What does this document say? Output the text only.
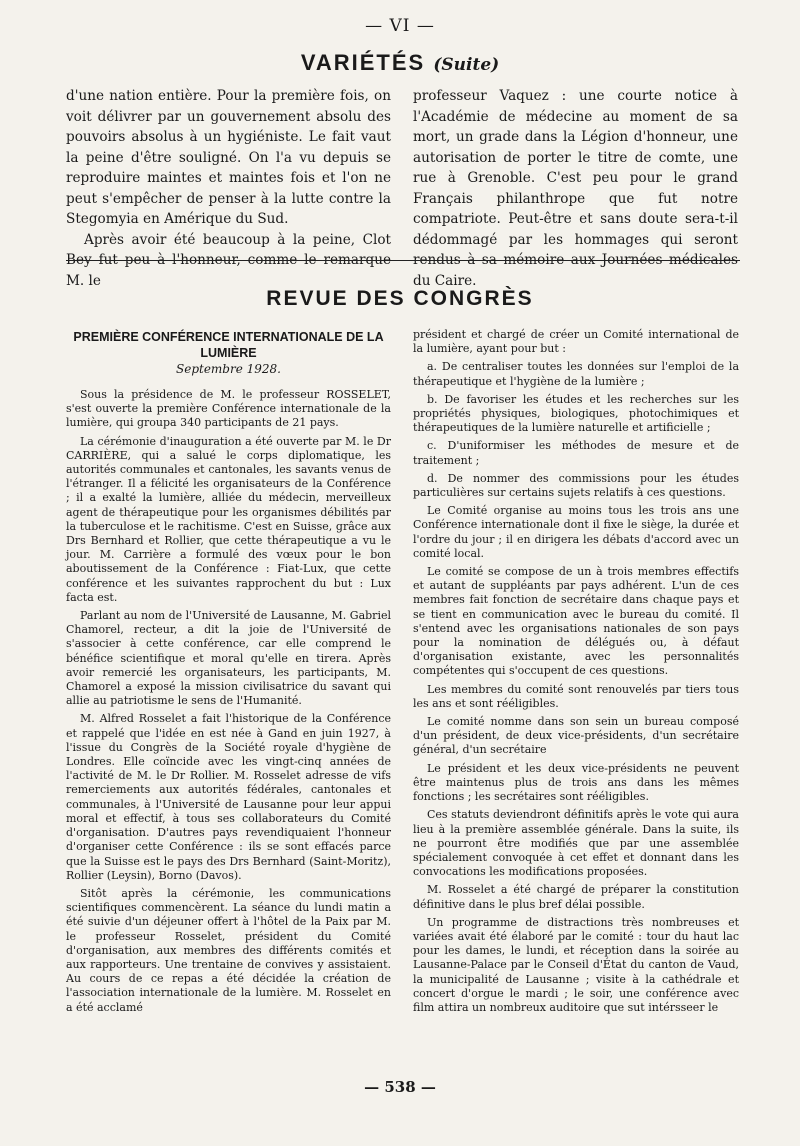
— VI —
VARIÉTÉS (Suite)

d'une nation entière. Pour la première fois, on voit délivrer par un gouvernement absolu des pouvoirs absolus à un hygiéniste. Le fait vaut la peine d'être souligné. On l'a vu depuis se reproduire maintes et maintes fois et l'on ne peut s'empêcher de penser à la lutte contre la Stegomyia en Amérique du Sud.

Après avoir été beaucoup à la peine, Clot Bey fut peu à l'honneur, comme le remarque M. le

professeur Vaquez : une courte notice à l'Académie de médecine au moment de sa mort, un grade dans la Légion d'honneur, une autorisation de porter le titre de comte, une rue à Grenoble. C'est peu pour le grand Français philanthrope que fut notre compatriote. Peut-être et sans doute sera-t-il dédommagé par les hommages qui seront rendus à sa mémoire aux Journées médicales du Caire.

REVUE DES CONGRÈS
PREMIÈRE CONFÉRENCE INTERNATIONALE DE LA LUMIÈRE
Septembre 1928.

Sous la présidence de M. le professeur ROSSELET, s'est ouverte la première Conférence internationale de la lumière, qui groupa 340 participants de 21 pays.

La cérémonie d'inauguration a été ouverte par M. le Dr CARRIÈRE, qui a salué le corps diplomatique, les autorités communales et cantonales, les savants venus de l'étranger. Il a félicité les organisateurs de la Conférence ; il a exalté la lumière, alliée du médecin, merveilleux agent de thérapeutique pour les organismes débilités par la tuberculose et le rachitisme. C'est en Suisse, grâce aux Drs Bernhard et Rollier, que cette thérapeutique a vu le jour. M. Carrière a formulé des vœux pour le bon aboutissement de la Conférence : Fiat-Lux, que cette conférence et les suivantes rapprochent du but : Lux facta est.

Parlant au nom de l'Université de Lausanne, M. Gabriel Chamorel, recteur, a dit la joie de l'Université de s'associer à cette conférence, car elle comprend le bénéfice scientifique et moral qu'elle en tirera. Après avoir remercié les organisateurs, les participants, M. Chamorel a exposé la mission civilisatrice du savant qui allie au patriotisme le sens de l'Humanité.

M. Alfred Rosselet a fait l'historique de la Conférence et rappelé que l'idée en est née à Gand en juin 1927, à l'issue du Congrès de la Société royale d'hygiène de Londres. Elle coïncide avec les vingt-cinq années de l'activité de M. le Dr Rollier. M. Rosselet adresse de vifs remerciements aux autorités fédérales, cantonales et communales, à l'Université de Lausanne pour leur appui moral et effectif, à tous ses collaborateurs du Comité d'organisation. D'autres pays revendiquaient l'honneur d'organiser cette Conférence : ils se sont effacés parce que la Suisse est le pays des Drs Bernhard (Saint-Moritz), Rollier (Leysin), Borno (Davos).

Sitôt après la cérémonie, les communications scientifiques commencèrent. La séance du lundi matin a été suivie d'un déjeuner offert à l'hôtel de la Paix par M. le professeur Rosselet, président du Comité d'organisation, aux membres des différents comités et aux rapporteurs. Une trentaine de convives y assistaient. Au cours de ce repas a été décidée la création de l'association internationale de la lumière. M. Rosselet en a été acclamé

président et chargé de créer un Comité international de la lumière, ayant pour but :

a. De centraliser toutes les données sur l'emploi de la thérapeutique et l'hygiène de la lumière ;

b. De favoriser les études et les recherches sur les propriétés physiques, biologiques, photochimiques et thérapeutiques de la lumière naturelle et artificielle ;

c. D'uniformiser les méthodes de mesure et de traitement ;

d. De nommer des commissions pour les études particulières sur certains sujets relatifs à ces questions.

Le Comité organise au moins tous les trois ans une Conférence internationale dont il fixe le siège, la durée et l'ordre du jour ; il en dirigera les débats d'accord avec un comité local.

Le comité se compose de un à trois membres effectifs et autant de suppléants par pays adhérent. L'un de ces membres fait fonction de secrétaire dans chaque pays et se tient en communication avec le bureau du comité. Il s'entend avec les organisations nationales de son pays pour la nomination de délégués ou, à défaut d'organisation existante, avec les personnalités compétentes qui s'occupent de ces questions.

Les membres du comité sont renouvelés par tiers tous les ans et sont rééligibles.

Le comité nomme dans son sein un bureau composé d'un président, de deux vice-présidents, d'un secrétaire général, d'un secrétaire

Le président et les deux vice-présidents ne peuvent être maintenus plus de trois ans dans les mêmes fonctions ; les secrétaires sont rééligibles.

Ces statuts deviendront définitifs après le vote qui aura lieu à la première assemblée générale. Dans la suite, ils ne pourront être modifiés que par une assemblée spécialement convoquée à cet effet et donnant dans les convocations les modifications proposées.

M. Rosselet a été chargé de préparer la constitution définitive dans le plus bref délai possible.

Un programme de distractions très nombreuses et variées avait été élaboré par le comité : tour du haut lac pour les dames, le lundi, et réception dans la soirée au Lausanne-Palace par le Conseil d'État du canton de Vaud, la municipalité de Lausanne ; visite à la cathédrale et concert d'orgue le mardi ; le soir, une conférence avec film attira un nombreux auditoire que sut intérsseer le

— 538 —
